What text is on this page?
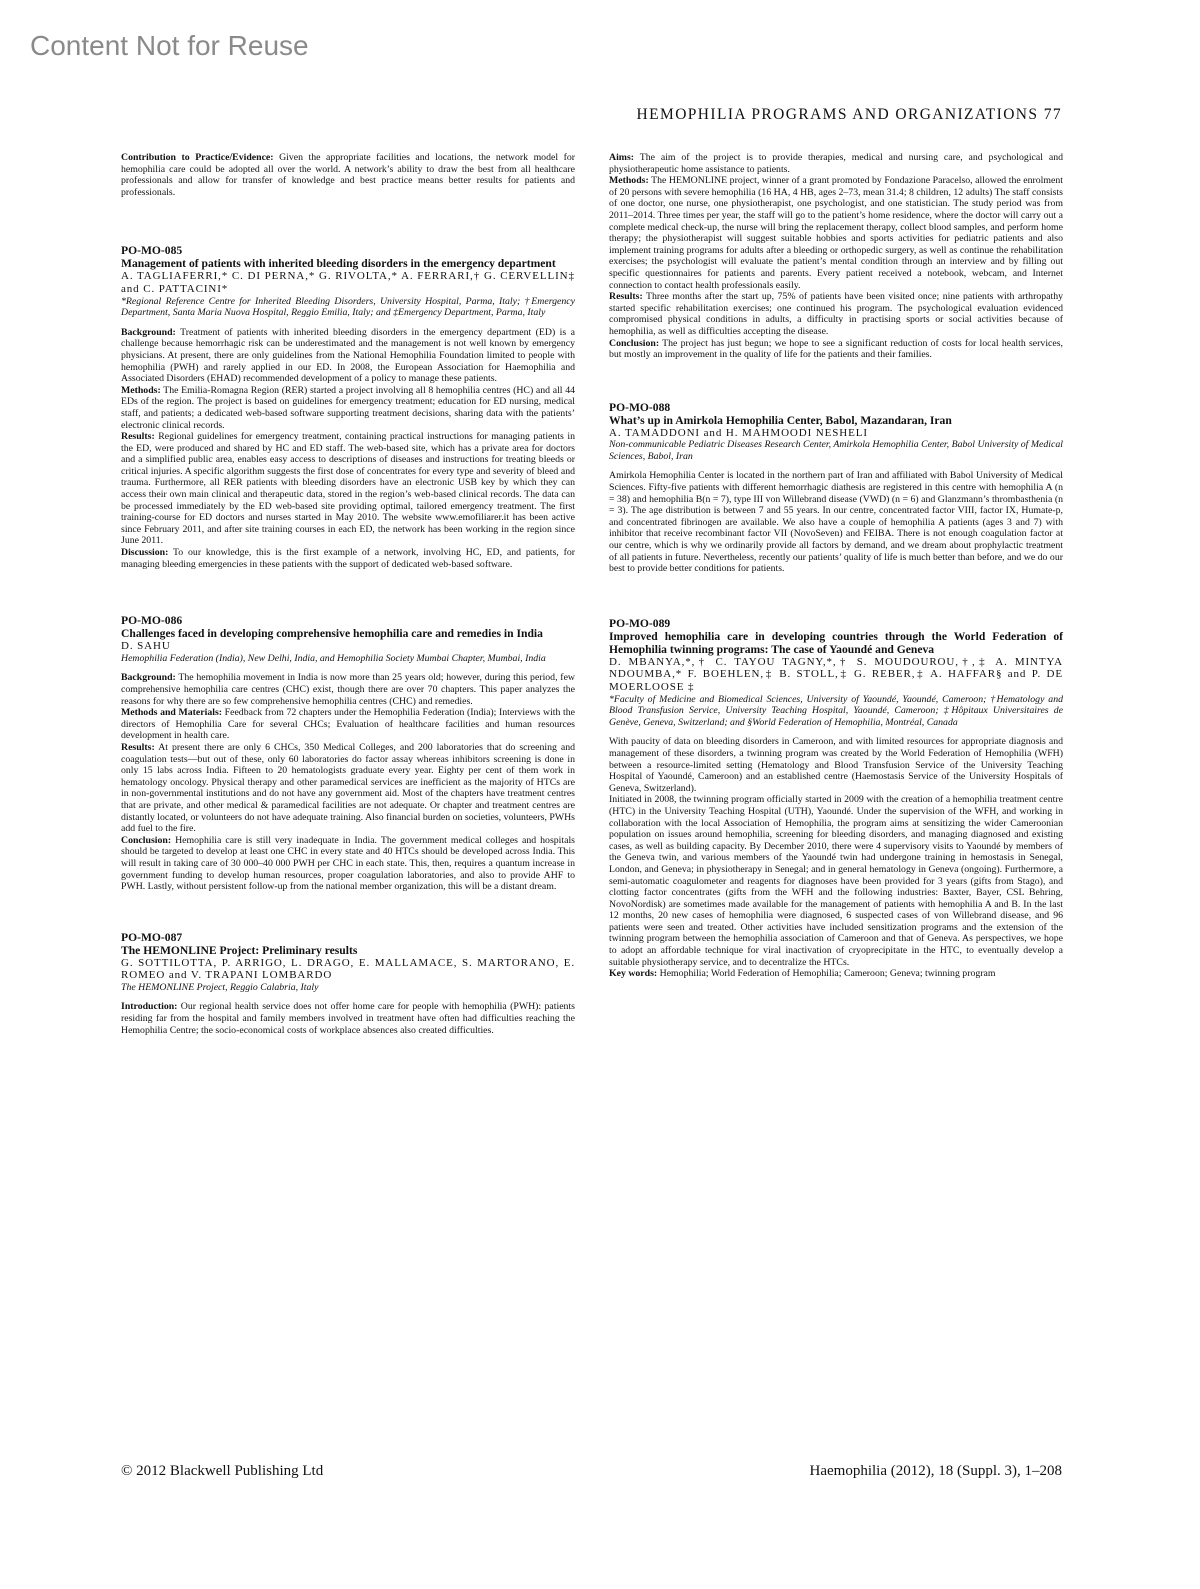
Content Not for Reuse
HEMOPHILIA PROGRAMS AND ORGANIZATIONS 77

Contribution to Practice/Evidence: Given the appropriate facilities and locations, the network model for hemophilia care could be adopted all over the world. A network’s ability to draw the best from all healthcare professionals and allow for transfer of knowledge and best practice means better results for patients and professionals.

PO-MO-085
Management of patients with inherited bleeding disorders in the emergency department
A. TAGLIAFERRI,* C. DI PERNA,* G. RIVOLTA,* A. FERRARI,† G. CERVELLIN‡ and C. PATTACINI*
*Regional Reference Centre for Inherited Bleeding Disorders, University Hospital, Parma, Italy; †Emergency Department, Santa Maria Nuova Hospital, Reggio Emilia, Italy; and ‡Emergency Department, Parma, Italy

Background: Treatment of patients with inherited bleeding disorders in the emergency department (ED) is a challenge because hemorrhagic risk can be underestimated and the management is not well known by emergency physicians. At present, there are only guidelines from the National Hemophilia Foundation limited to people with hemophilia (PWH) and rarely applied in our ED. In 2008, the European Association for Haemophilia and Associated Disorders (EHAD) recommended development of a policy to manage these patients.

Methods: The Emilia-Romagna Region (RER) started a project involving all 8 hemophilia centres (HC) and all 44 EDs of the region. The project is based on guidelines for emergency treatment; education for ED nursing, medical staff, and patients; a dedicated web-based software supporting treatment decisions, sharing data with the patients’ electronic clinical records.

Results: Regional guidelines for emergency treatment, containing practical instructions for managing patients in the ED, were produced and shared by HC and ED staff. The web-based site, which has a private area for doctors and a simplified public area, enables easy access to descriptions of diseases and instructions for treating bleeds or critical injuries. A specific algorithm suggests the first dose of concentrates for every type and severity of bleed and trauma. Furthermore, all RER patients with bleeding disorders have an electronic USB key by which they can access their own main clinical and therapeutic data, stored in the region’s web-based clinical records. The data can be processed immediately by the ED web-based site providing optimal, tailored emergency treatment. The first training-course for ED doctors and nurses started in May 2010. The website www.emofiliarer.it has been active since February 2011, and after site training courses in each ED, the network has been working in the region since June 2011.

Discussion: To our knowledge, this is the first example of a network, involving HC, ED, and patients, for managing bleeding emergencies in these patients with the support of dedicated web-based software.

PO-MO-086
Challenges faced in developing comprehensive hemophilia care and remedies in India
D. SAHU
Hemophilia Federation (India), New Delhi, India, and Hemophilia Society Mumbai Chapter, Mumbai, India

Background: The hemophilia movement in India is now more than 25 years old; however, during this period, few comprehensive hemophilia care centres (CHC) exist, though there are over 70 chapters. This paper analyzes the reasons for why there are so few comprehensive hemophilia centres (CHC) and remedies.

Methods and Materials: Feedback from 72 chapters under the Hemophilia Federation (India); Interviews with the directors of Hemophilia Care for several CHCs; Evaluation of healthcare facilities and human resources development in health care.

Results: At present there are only 6 CHCs, 350 Medical Colleges, and 200 laboratories that do screening and coagulation tests—but out of these, only 60 laboratories do factor assay whereas inhibitors screening is done in only 15 labs across India. Fifteen to 20 hematologists graduate every year. Eighty per cent of them work in hematology oncology. Physical therapy and other paramedical services are inefficient as the majority of HTCs are in non-governmental institutions and do not have any government aid. Most of the chapters have treatment centres that are private, and other medical & paramedical facilities are not adequate. Or chapter and treatment centres are distantly located, or volunteers do not have adequate training. Also financial burden on societies, volunteers, PWHs add fuel to the fire.

Conclusion: Hemophilia care is still very inadequate in India. The government medical colleges and hospitals should be targeted to develop at least one CHC in every state and 40 HTCs should be developed across India. This will result in taking care of 30 000–40 000 PWH per CHC in each state. This, then, requires a quantum increase in government funding to develop human resources, proper coagulation laboratories, and also to provide AHF to PWH. Lastly, without persistent follow-up from the national member organization, this will be a distant dream.

PO-MO-087
The HEMONLINE Project: Preliminary results
G. SOTTILOTTA, P. ARRIGO, L. DRAGO, E. MALLAMACE, S. MARTORANO, E. ROMEO and V. TRAPANI LOMBARDO
The HEMONLINE Project, Reggio Calabria, Italy

Introduction: Our regional health service does not offer home care for people with hemophilia (PWH): patients residing far from the hospital and family members involved in treatment have often had difficulties reaching the Hemophilia Centre; the socio-economical costs of workplace absences also created difficulties.

Aims: The aim of the project is to provide therapies, medical and nursing care, and psychological and physiotherapeutic home assistance to patients.

Methods: The HEMONLINE project, winner of a grant promoted by Fondazione Paracelso, allowed the enrolment of 20 persons with severe hemophilia (16 HA, 4 HB, ages 2–73, mean 31.4; 8 children, 12 adults) The staff consists of one doctor, one nurse, one physiotherapist, one psychologist, and one statistician. The study period was from 2011–2014. Three times per year, the staff will go to the patient’s home residence, where the doctor will carry out a complete medical check-up, the nurse will bring the replacement therapy, collect blood samples, and perform home therapy; the physiotherapist will suggest suitable hobbies and sports activities for pediatric patients and also implement training programs for adults after a bleeding or orthopedic surgery, as well as continue the rehabilitation exercises; the psychologist will evaluate the patient’s mental condition through an interview and by filling out specific questionnaires for patients and parents. Every patient received a notebook, webcam, and Internet connection to contact health professionals easily.

Results: Three months after the start up, 75% of patients have been visited once; nine patients with arthropathy started specific rehabilitation exercises; one continued his program. The psychological evaluation evidenced compromised physical conditions in adults, a difficulty in practising sports or social activities because of hemophilia, as well as difficulties accepting the disease.

Conclusion: The project has just begun; we hope to see a significant reduction of costs for local health services, but mostly an improvement in the quality of life for the patients and their families.

PO-MO-088
What’s up in Amirkola Hemophilia Center, Babol, Mazandaran, Iran
A. TAMADDONI and H. MAHMOODI NESHELI
Non-communicable Pediatric Diseases Research Center, Amirkola Hemophilia Center, Babol University of Medical Sciences, Babol, Iran

Amirkola Hemophilia Center is located in the northern part of Iran and affiliated with Babol University of Medical Sciences. Fifty-five patients with different hemorrhagic diathesis are registered in this centre with hemophilia A (n = 38) and hemophilia B(n = 7), type III von Willebrand disease (VWD) (n = 6) and Glanzmann’s thrombasthenia (n = 3). The age distribution is between 7 and 55 years. In our centre, concentrated factor VIII, factor IX, Humate-p, and concentrated fibrinogen are available. We also have a couple of hemophilia A patients (ages 3 and 7) with inhibitor that receive recombinant factor VII (NovoSeven) and FEIBA. There is not enough coagulation factor at our centre, which is why we ordinarily provide all factors by demand, and we dream about prophylactic treatment of all patients in future. Nevertheless, recently our patients’ quality of life is much better than before, and we do our best to provide better conditions for patients.

PO-MO-089
Improved hemophilia care in developing countries through the World Federation of Hemophilia twinning programs: The case of Yaoundé and Geneva
D. MBANYA,*,† C. TAYOU TAGNY,*,† S. MOUDOUROU,†,‡ A. MINTYA NDOUMBA,* F. BOEHLEN,‡ B. STOLL,‡ G. REBER,‡ A. HAFFAR§ and P. DE MOERLOOSE ‡
*Faculty of Medicine and Biomedical Sciences, University of Yaoundé, Yaoundé, Cameroon; †Hematology and Blood Transfusion Service, University Teaching Hospital, Yaoundé, Cameroon; ‡Hôpitaux Universitaires de Genève, Geneva, Switzerland; and §World Federation of Hemophilia, Montréal, Canada

With paucity of data on bleeding disorders in Cameroon, and with limited resources for appropriate diagnosis and management of these disorders, a twinning program was created by the World Federation of Hemophilia (WFH) between a resource-limited setting (Hematology and Blood Transfusion Service of the University Teaching Hospital of Yaoundé, Cameroon) and an established centre (Haemostasis Service of the University Hospitals of Geneva, Switzerland).

Initiated in 2008, the twinning program officially started in 2009 with the creation of a hemophilia treatment centre (HTC) in the University Teaching Hospital (UTH), Yaoundé. Under the supervision of the WFH, and working in collaboration with the local Association of Hemophilia, the program aims at sensitizing the wider Cameroonian population on issues around hemophilia, screening for bleeding disorders, and managing diagnosed and existing cases, as well as building capacity. By December 2010, there were 4 supervisory visits to Yaoundé by members of the Geneva twin, and various members of the Yaoundé twin had undergone training in hemostasis in Senegal, London, and Geneva; in physiotherapy in Senegal; and in general hematology in Geneva (ongoing). Furthermore, a semi-automatic coagulometer and reagents for diagnoses have been provided for 3 years (gifts from Stago), and clotting factor concentrates (gifts from the WFH and the following industries: Baxter, Bayer, CSL Behring, NovoNordisk) are sometimes made available for the management of patients with hemophilia A and B. In the last 12 months, 20 new cases of hemophilia were diagnosed, 6 suspected cases of von Willebrand disease, and 96 patients were seen and treated. Other activities have included sensitization programs and the extension of the twinning program between the hemophilia association of Cameroon and that of Geneva. As perspectives, we hope to adopt an affordable technique for viral inactivation of cryoprecipitate in the HTC, to eventually develop a suitable physiotherapy service, and to decentralize the HTCs.

Key words: Hemophilia; World Federation of Hemophilia; Cameroon; Geneva; twinning program

© 2012 Blackwell Publishing Ltd	Haemophilia (2012), 18 (Suppl. 3), 1–208
